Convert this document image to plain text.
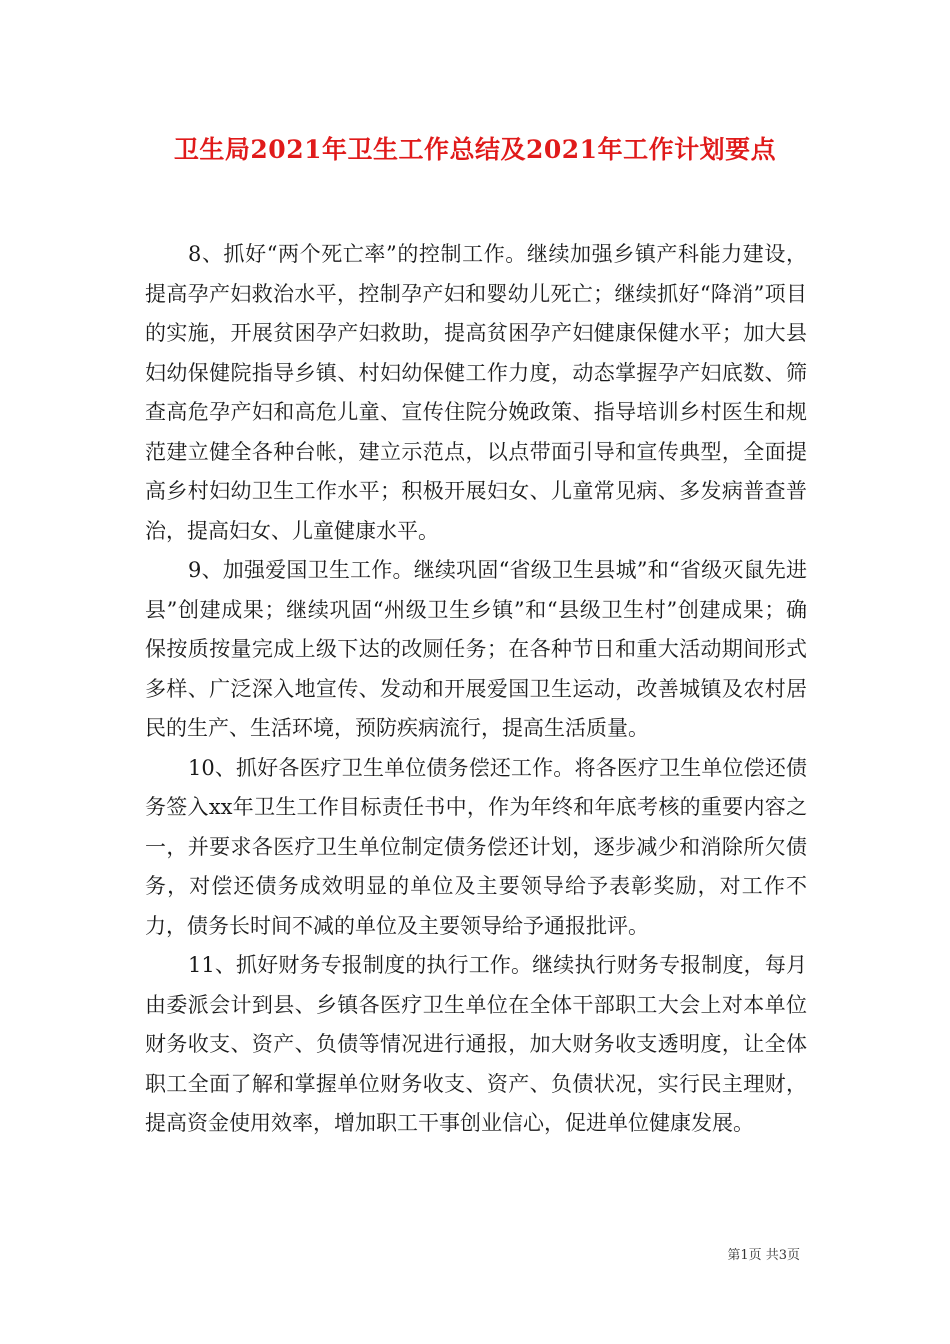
卫生局2021年卫生工作总结及2021年工作计划要点

8、抓好“两个死亡率”的控制工作。继续加强乡镇产科能力建设，提高孕产妇救治水平，控制孕产妇和婴幼儿死亡；继续抓好“降消”项目的实施，开展贫困孕产妇救助，提高贫困孕产妇健康保健水平；加大县妇幼保健院指导乡镇、村妇幼保健工作力度，动态掌握孕产妇底数、筛查高危孕产妇和高危儿童、宣传住院分娩政策、指导培训乡村医生和规范建立健全各种台帐，建立示范点，以点带面引导和宣传典型，全面提高乡村妇幼卫生工作水平；积极开展妇女、儿童常见病、多发病普查普治，提高妇女、儿童健康水平。

9、加强爱国卫生工作。继续巩固“省级卫生县城”和“省级灭鼠先进县”创建成果；继续巩固“州级卫生乡镇”和“县级卫生村”创建成果；确保按质按量完成上级下达的改厕任务；在各种节日和重大活动期间形式多样、广泛深入地宣传、发动和开展爱国卫生运动，改善城镇及农村居民的生产、生活环境，预防疾病流行，提高生活质量。

10、抓好各医疗卫生单位债务偿还工作。将各医疗卫生单位偿还债务签入xx年卫生工作目标责任书中，作为年终和年底考核的重要内容之一，并要求各医疗卫生单位制定债务偿还计划，逐步减少和消除所欠债务，对偿还债务成效明显的单位及主要领导给予表彰奖励，对工作不力，债务长时间不减的单位及主要领导给予通报批评。

11、抓好财务专报制度的执行工作。继续执行财务专报制度，每月由委派会计到县、乡镇各医疗卫生单位在全体干部职工大会上对本单位财务收支、资产、负债等情况进行通报，加大财务收支透明度，让全体职工全面了解和掌握单位财务收支、资产、负债状况，实行民主理财，提高资金使用效率，增加职工干事创业信心，促进单位健康发展。

第1页 共3页
